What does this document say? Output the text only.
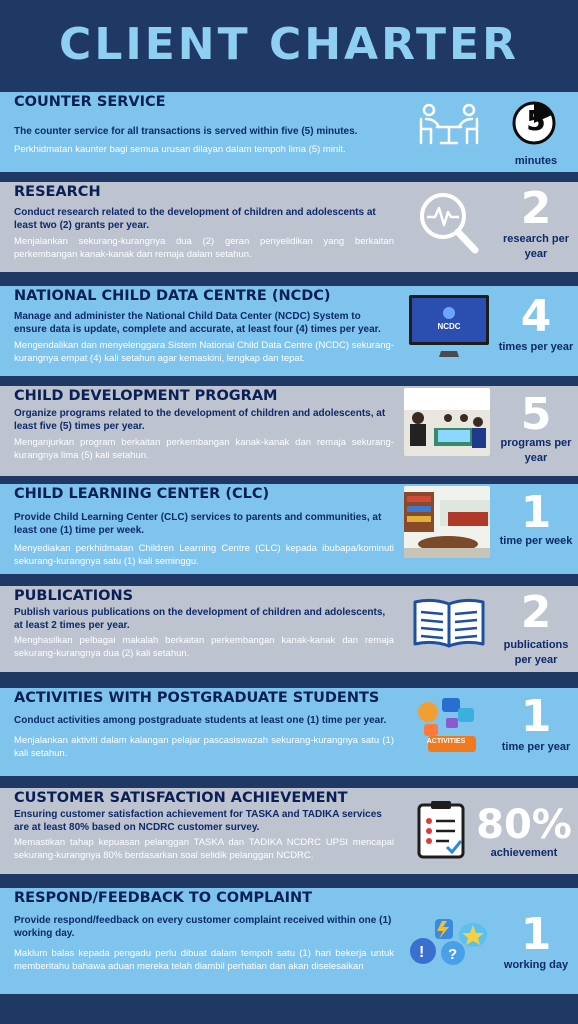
CLIENT CHARTER
COUNTER SERVICE
The counter service for all transactions is served within five (5) minutes.
Perkhidmatan kaunter bagi semua urusan dilayan dalam tempoh lima (5) minit.
5
minutes
RESEARCH
Conduct research related to the development of children and adolescents at least two (2) grants per year.
Menjalankan sekurang-kurangnya dua (2) geran penyelidikan yang berkaitan perkembangan kanak-kanak dan remaja dalam setahun.
2
research per year
NATIONAL CHILD DATA CENTRE (NCDC)
Manage and administer the National Child Data Center (NCDC) System to ensure data is update, complete and accurate, at least four (4) times per year.
Mengendalikan dan menyelenggara Sistem National Child Data Centre (NCDC) sekurang-kurangnya empat (4) kali setahun agar kemaskini, lengkap dan tepat.
NCDC	4
times per year
CHILD DEVELOPMENT PROGRAM
Organize programs related to the development of children and adolescents, at least five (5) times per year.
Menganjurkan program berkaitan perkembangan kanak-kanak dan remaja sekurang-kurangnya lima (5) kali setahun.
5
programs per year
CHILD LEARNING CENTER (CLC)
Provide Child Learning Center (CLC) services to parents and communities, at least one (1) time per week.
Menyediakan perkhidmatan Children Learning Centre (CLC) kepada ibubapa/kominuti sekurang-kurangnya satu (1) kali seminggu.
1
time per week
PUBLICATIONS
Publish various publications on the development of children and adolescents, at least 2 times per year.
Menghasilkan pelbagai makalah berkaitan perkembangan kanak-kanak dan remaja sekurang-kurangnya dua (2) kali setahun.
2
publications per year
ACTIVITIES WITH POSTGRADUATE STUDENTS
Conduct activities among postgraduate students at least one (1) time per year.
Menjalankan aktiviti dalam kalangan pelajar pascasiswazah sekurang-kurangnya satu (1) kali setahun.
ACTIVITIES	1
time per year
CUSTOMER SATISFACTION ACHIEVEMENT
Ensuring customer satisfaction achievement for TASKA and TADIKA services are at least 80% based on NCDRC customer survey.
Memastikan tahap kepuasan pelanggan TASKA dan TADIKA NCDRC UPSI mencapai sekurang-kurangnya 80% berdasarkan soal selidik pelanggan NCDRC.
80%
achievement
RESPOND/FEEDBACK TO COMPLAINT
Provide respond/feedback on every customer complaint received within one (1) working day.
Maklum balas kepada pengadu perlu dibuat dalam tempoh satu (1) hari bekerja untuk memberitahu bahawa aduan mereka telah diambil perhatian dan akan diselesaikan
! ?	1
working day
